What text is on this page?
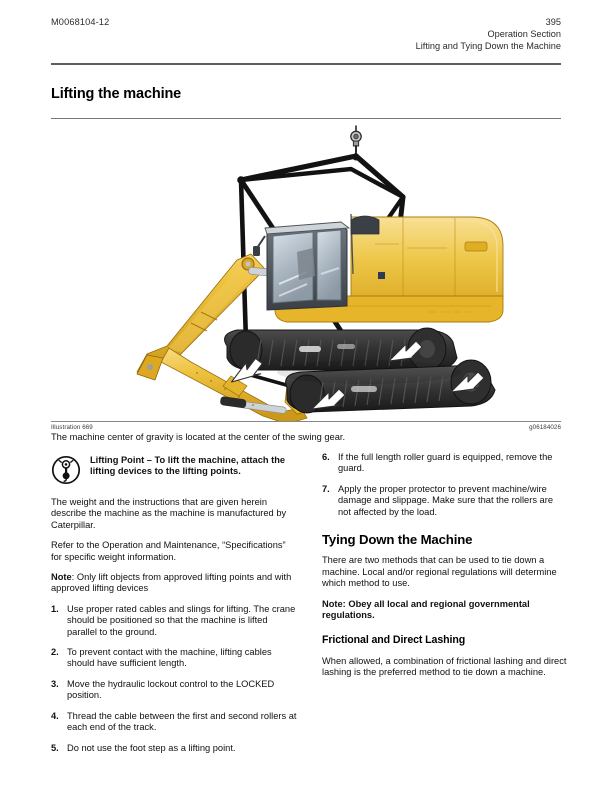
M0068104-12	395
Operation Section
Lifting and Tying Down the Machine
Lifting the machine
Illustration 669	g06184026
The machine center of gravity is located at the center of the swing gear.
Lifting Point – To lift the machine, attach the lifting devices to the lifting points.

The weight and the instructions that are given herein describe the machine as the machine is manufactured by Caterpillar.

Refer to the Operation and Maintenance, “Specifications” for specific weight information.

Note: Only lift objects from approved lifting points and with approved lifting devices

1. Use proper rated cables and slings for lifting. The crane should be positioned so that the machine is lifted parallel to the ground.
2. To prevent contact with the machine, lifting cables should have sufficient length.
3. Move the hydraulic lockout control to the LOCKED position.
4. Thread the cable between the first and second rollers at each end of the track.
5. Do not use the foot step as a lifting point.
6. If the full length roller guard is equipped, remove the guard.
7. Apply the proper protector to prevent machine/wire damage and slippage. Make sure that the rollers are not affected by the load.
Tying Down the Machine

There are two methods that can be used to tie down a machine. Local and/or regional regulations will determine which method to use.

Note: Obey all local and regional governmental regulations.

Frictional and Direct Lashing

When allowed, a combination of frictional lashing and direct lashing is the preferred method to tie down a machine.
